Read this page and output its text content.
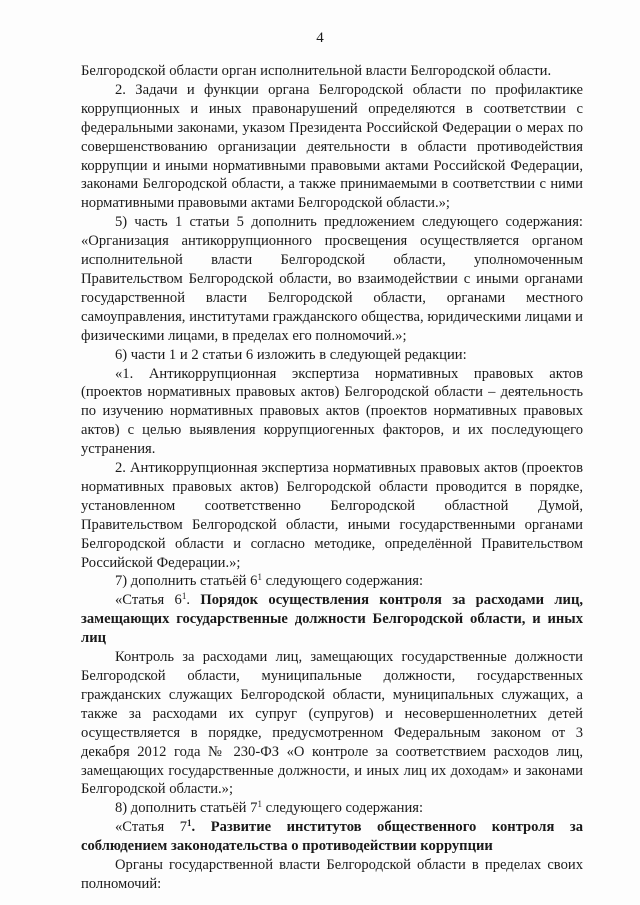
4

Белгородской области орган исполнительной власти Белгородской области.

2. Задачи и функции органа Белгородской области по профилактике коррупционных и иных правонарушений определяются в соответствии с федеральными законами, указом Президента Российской Федерации о мерах по совершенствованию организации деятельности в области противодействия коррупции и иными нормативными правовыми актами Российской Федерации, законами Белгородской области, а также принимаемыми в соответствии с ними нормативными правовыми актами Белгородской области.»;

5) часть 1 статьи 5 дополнить предложением следующего содержания: «Организация антикоррупционного просвещения осуществляется органом исполнительной власти Белгородской области, уполномоченным Правительством Белгородской области, во взаимодействии с иными органами государственной власти Белгородской области, органами местного самоуправления, институтами гражданского общества, юридическими лицами и физическими лицами, в пределах его полномочий.»;

6) части 1 и 2 статьи 6 изложить в следующей редакции:

«1. Антикоррупционная экспертиза нормативных правовых актов (проектов нормативных правовых актов) Белгородской области – деятельность по изучению нормативных правовых актов (проектов нормативных правовых актов) с целью выявления коррупциогенных факторов, и их последующего устранения.

2. Антикоррупционная экспертиза нормативных правовых актов (проектов нормативных правовых актов) Белгородской области проводится в порядке, установленном соответственно Белгородской областной Думой, Правительством Белгородской области, иными государственными органами Белгородской области и согласно методике, определённой Правительством Российской Федерации.»;

7) дополнить статьёй $6^1$ следующего содержания:

«Статья $6^1$. Порядок осуществления контроля за расходами лиц, замещающих государственные должности Белгородской области, и иных лиц

Контроль за расходами лиц, замещающих государственные должности Белгородской области, муниципальные должности, государственных гражданских служащих Белгородской области, муниципальных служащих, а также за расходами их супруг (супругов) и несовершеннолетних детей осуществляется в порядке, предусмотренном Федеральным законом от 3 декабря 2012 года № 230-ФЗ «О контроле за соответствием расходов лиц, замещающих государственные должности, и иных лиц их доходам» и законами Белгородской области.»;

8) дополнить статьёй $7^1$ следующего содержания:

«Статья $7^1$. Развитие институтов общественного контроля за соблюдением законодательства о противодействии коррупции

Органы государственной власти Белгородской области в пределах своих полномочий:
